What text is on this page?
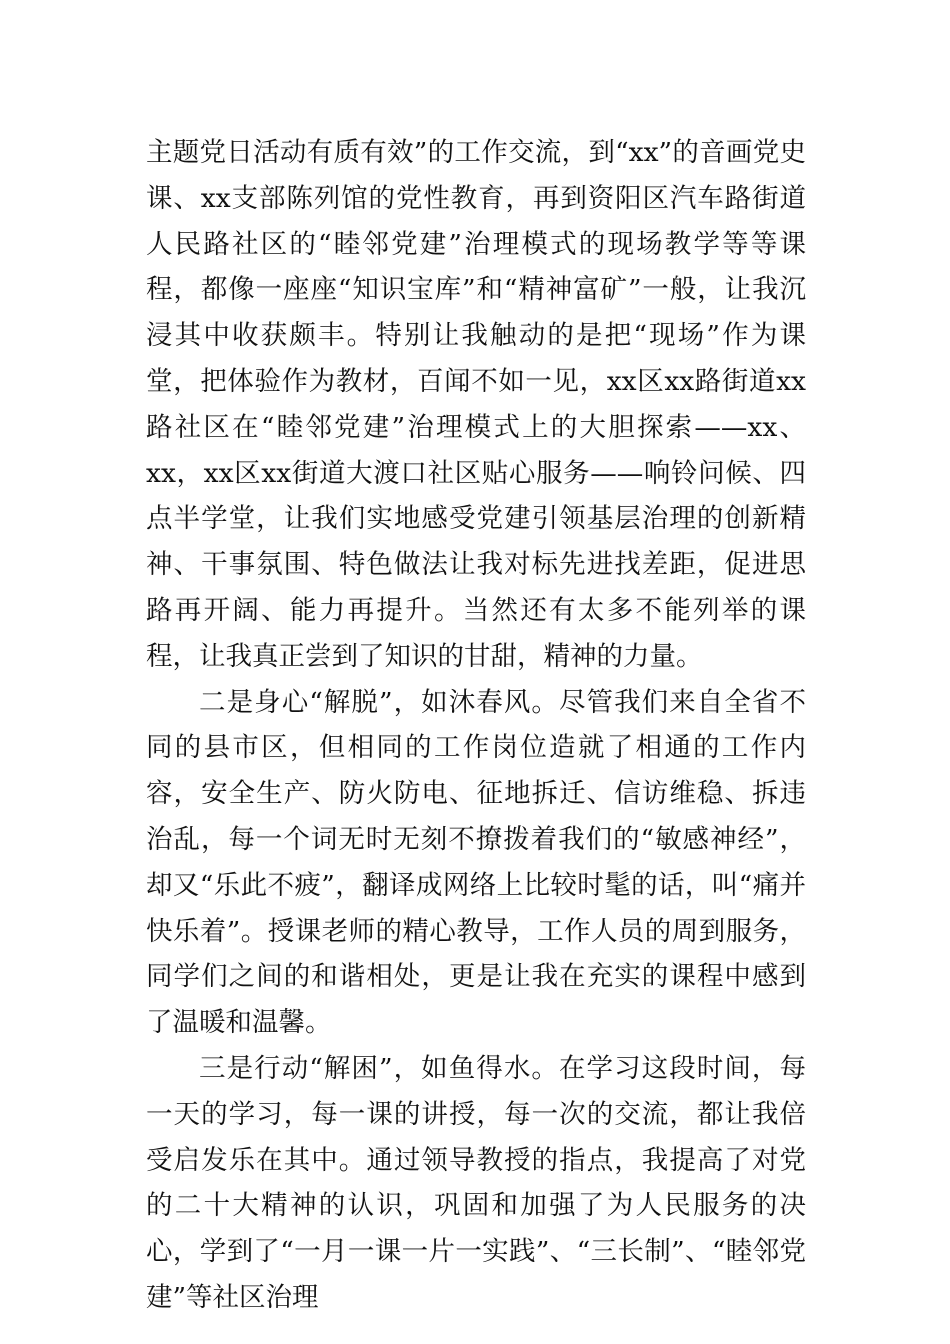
主题党日活动有质有效”的工作交流，到“xx”的音画党史课、xx支部陈列馆的党性教育，再到资阳区汽车路街道人民路社区的“睦邻党建”治理模式的现场教学等等课程，都像一座座“知识宝库”和“精神富矿”一般，让我沉浸其中收获颇丰。特别让我触动的是把“现场”作为课堂，把体验作为教材，百闻不如一见，xx区xx路街道xx路社区在“睦邻党建”治理模式上的大胆探索——xx、xx，xx区xx街道大渡口社区贴心服务——响铃问候、四点半学堂，让我们实地感受党建引领基层治理的创新精神、干事氛围、特色做法让我对标先进找差距，促进思路再开阔、能力再提升。当然还有太多不能列举的课程，让我真正尝到了知识的甘甜，精神的力量。

二是身心“解脱”，如沐春风。尽管我们来自全省不同的县市区，但相同的工作岗位造就了相通的工作内容，安全生产、防火防电、征地拆迁、信访维稳、拆违治乱，每一个词无时无刻不撩拨着我们的“敏感神经”，却又“乐此不疲”，翻译成网络上比较时髦的话，叫“痛并快乐着”。授课老师的精心教导，工作人员的周到服务，同学们之间的和谐相处，更是让我在充实的课程中感到了温暖和温馨。

三是行动“解困”，如鱼得水。在学习这段时间，每一天的学习，每一课的讲授，每一次的交流，都让我倍受启发乐在其中。通过领导教授的指点，我提高了对党的二十大精神的认识，巩固和加强了为人民服务的决心，学到了“一月一课一片一实践”、“三长制”、“睦邻党建”等社区治理
